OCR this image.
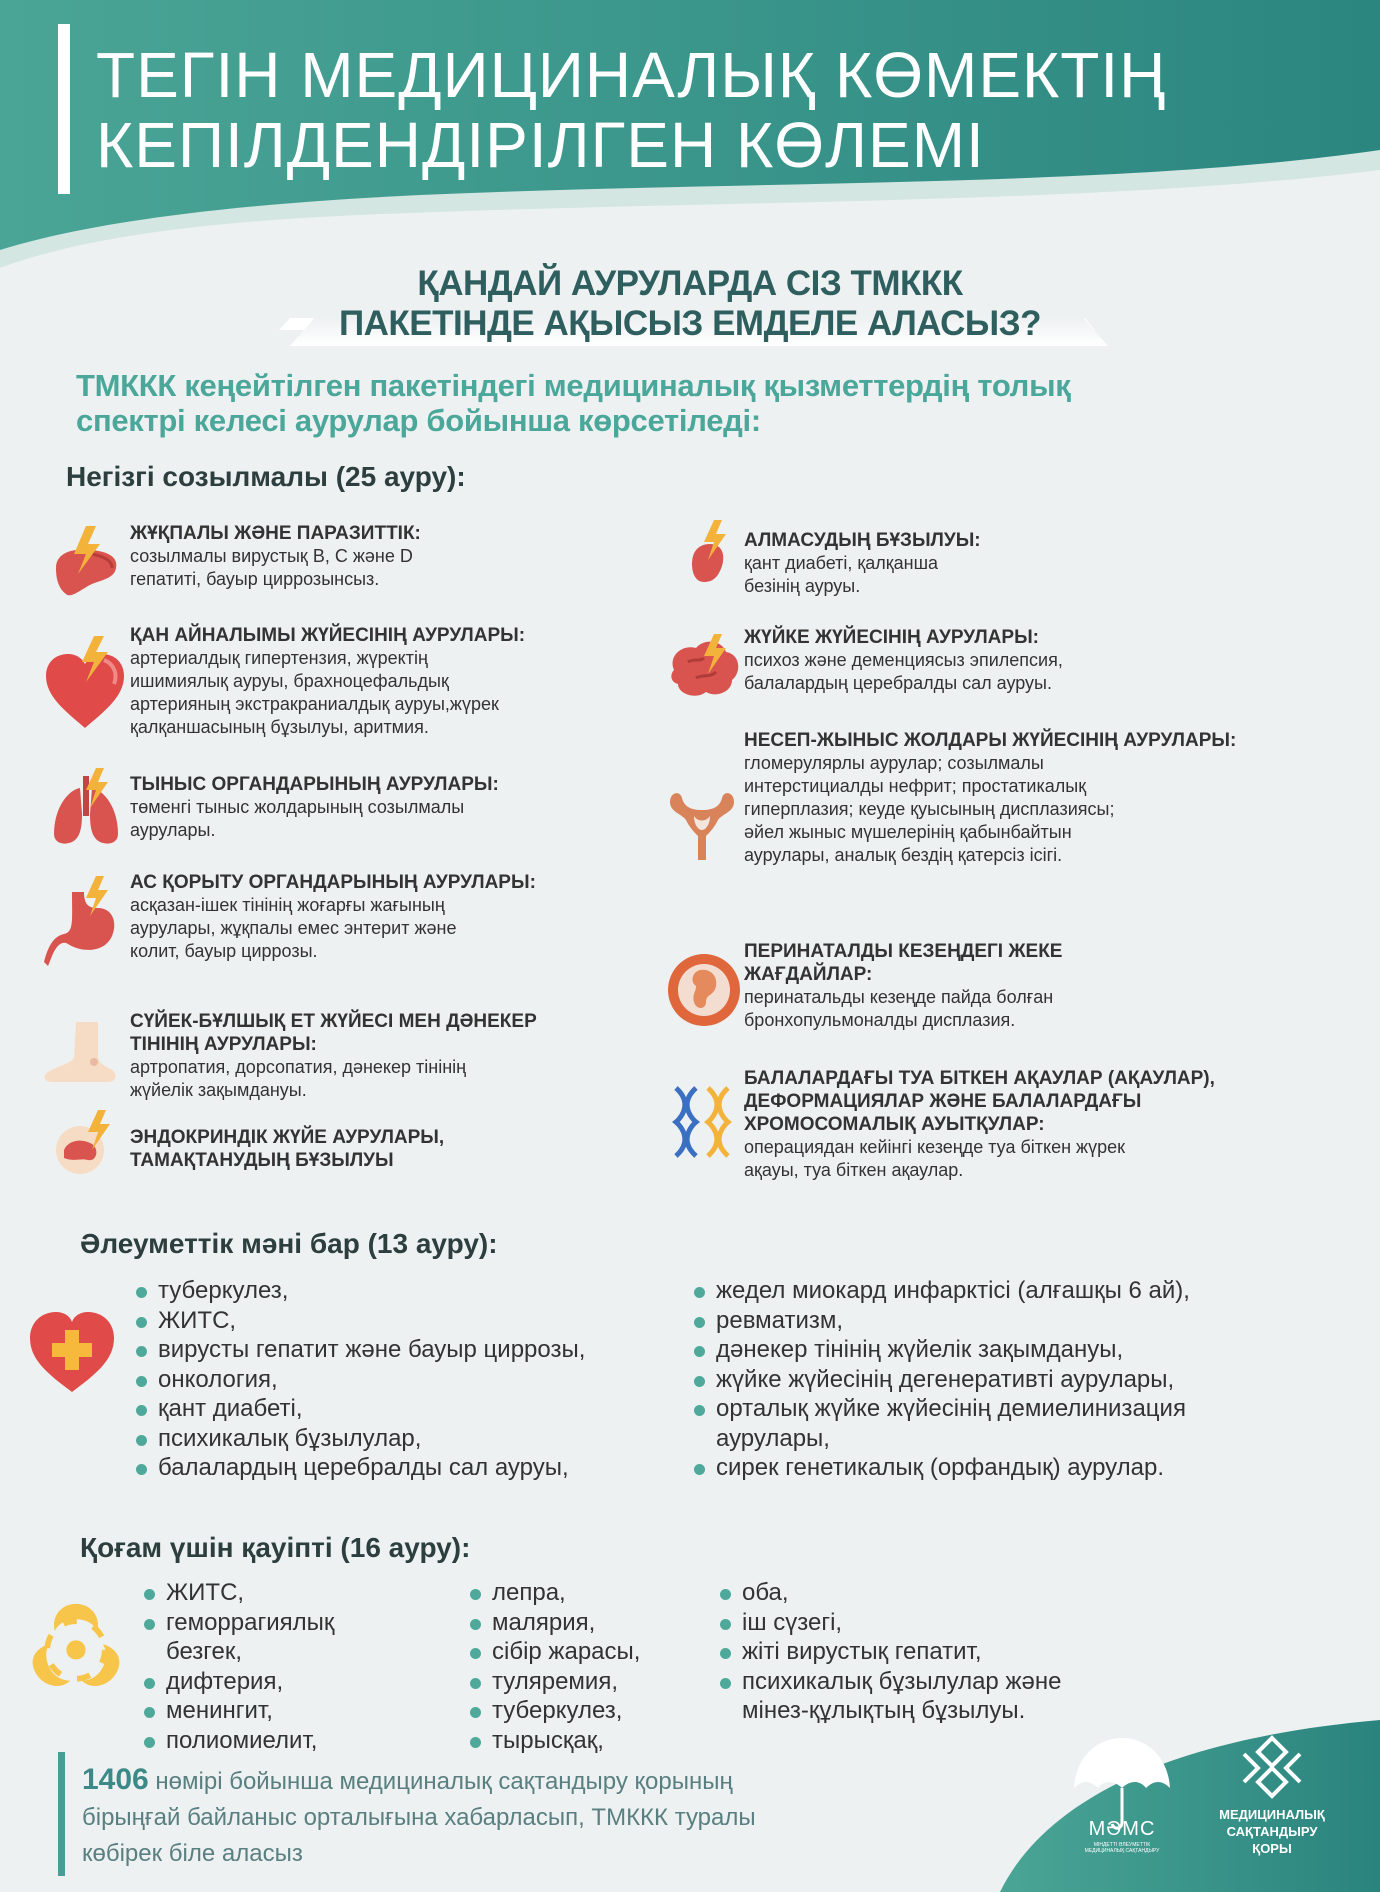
ТЕГІН МЕДИЦИНАЛЫҚ КӨМЕКТІҢ
КЕПІЛДЕНДІРІЛГЕН КӨЛЕМІ
ҚАНДАЙ АУРУЛАРДА СІЗ ТМККК
ПАКЕТІНДЕ АҚЫСЫЗ ЕМДЕЛЕ АЛАСЫЗ?
ТМККК кеңейтілген пакетіндегі медициналық қызметтердің толық
спектрі келесі аурулар бойынша көрсетіледі:
Негізгі созылмалы (25 ауру):
ЖҰҚПАЛЫ ЖӘНЕ ПАРАЗИТТІК:
созылмалы вирустық В, С және D
гепатиті, бауыр циррозынсыз.
ҚАН АЙНАЛЫМЫ ЖҮЙЕСІНІҢ АУРУЛАРЫ:
артериалдық гипертензия, жүректің
ишимиялық ауруы, брахноцефальдық
артерияның экстракраниалдық ауруы,жүрек
қалқаншасының бұзылуы, аритмия.
ТЫНЫС ОРГАНДАРЫНЫҢ АУРУЛАРЫ:
төменгі тыныс жолдарының созылмалы
аурулары.
АС ҚОРЫТУ ОРГАНДАРЫНЫҢ АУРУЛАРЫ:
асқазан-ішек тінінің жоғарғы жағының
аурулары, жұқпалы емес энтерит және
колит, бауыр циррозы.
СҮЙЕК-БҰЛШЫҚ ЕТ ЖҮЙЕСІ МЕН ДӘНЕКЕР
ТІНІНІҢ АУРУЛАРЫ:
артропатия, дорсопатия, дәнекер тінінің
жүйелік зақымдануы.
ЭНДОКРИНДІК ЖҮЙЕ АУРУЛАРЫ,
ТАМАҚТАНУДЫҢ БҰЗЫЛУЫ
АЛМАСУДЫҢ БҰЗЫЛУЫ:
қант диабеті, қалқанша
безінің ауруы.
ЖҮЙКЕ ЖҮЙЕСІНІҢ АУРУЛАРЫ:
психоз және деменциясыз эпилепсия,
балалардың церебралды сал ауруы.
НЕСЕП-ЖЫНЫС ЖОЛДАРЫ ЖҮЙЕСІНІҢ АУРУЛАРЫ:
гломерулярлы аурулар; созылмалы
интерстициалды нефрит; простатикалық
гиперплазия; кеуде қуысының дисплазиясы;
әйел жыныс мүшелерінің қабынбайтын
аурулары, аналық бездің қатерсіз ісігі.
ПЕРИНАТАЛДЫ КЕЗЕҢДЕГІ ЖЕКЕ
ЖАҒДАЙЛАР:
перинатальды кезеңде пайда болған
бронхопульмоналды дисплазия.
БАЛАЛАРДАҒЫ ТУА БІТКЕН АҚАУЛАР (АҚАУЛАР),
ДЕФОРМАЦИЯЛАР ЖӘНЕ БАЛАЛАРДАҒЫ
ХРОМОСОМАЛЫҚ АУЫТҚУЛАР:
операциядан кейінгі кезеңде туа біткен жүрек
ақауы, туа біткен ақаулар.
Әлеуметтік мәні бар (13 ауру):
туберкулез,
ЖИТС,
вирусты гепатит және бауыр циррозы,
онкология,
қант диабеті,
психикалық бұзылулар,
балалардың церебралды сал ауруы,
жедел миокард инфарктісі (алғашқы 6 ай),
ревматизм,
дәнекер тінінің жүйелік зақымдануы,
жүйке жүйесінің дегенеративті аурулары,
орталық жүйке жүйесінің демиелинизация
аурулары,
сирек генетикалық (орфандық) аурулар.
Қоғам үшін қауіпті (16 ауру):
ЖИТС,
геморрагиялық
безгек,
дифтерия,
менингит,
полиомиелит,
лепра,
малярия,
сібір жарасы,
туляремия,
туберкулез,
тырысқақ,
оба,
іш сүзегі,
жіті вирустық гепатит,
психикалық бұзылулар және
мінез-құлықтың бұзылуы.
1406 нөмірі бойынша медициналық сақтандыру қорының
бірыңғай байланыс орталығына хабарласып, ТМККК туралы
көбірек біле аласыз
МӘМС
МІНДЕТТІ ӘЛЕУМЕТТІК
МЕДИЦИНАЛЫҚ САҚТАНДЫРУ
МЕДИЦИНАЛЫҚ
САҚТАНДЫРУ
ҚОРЫ
